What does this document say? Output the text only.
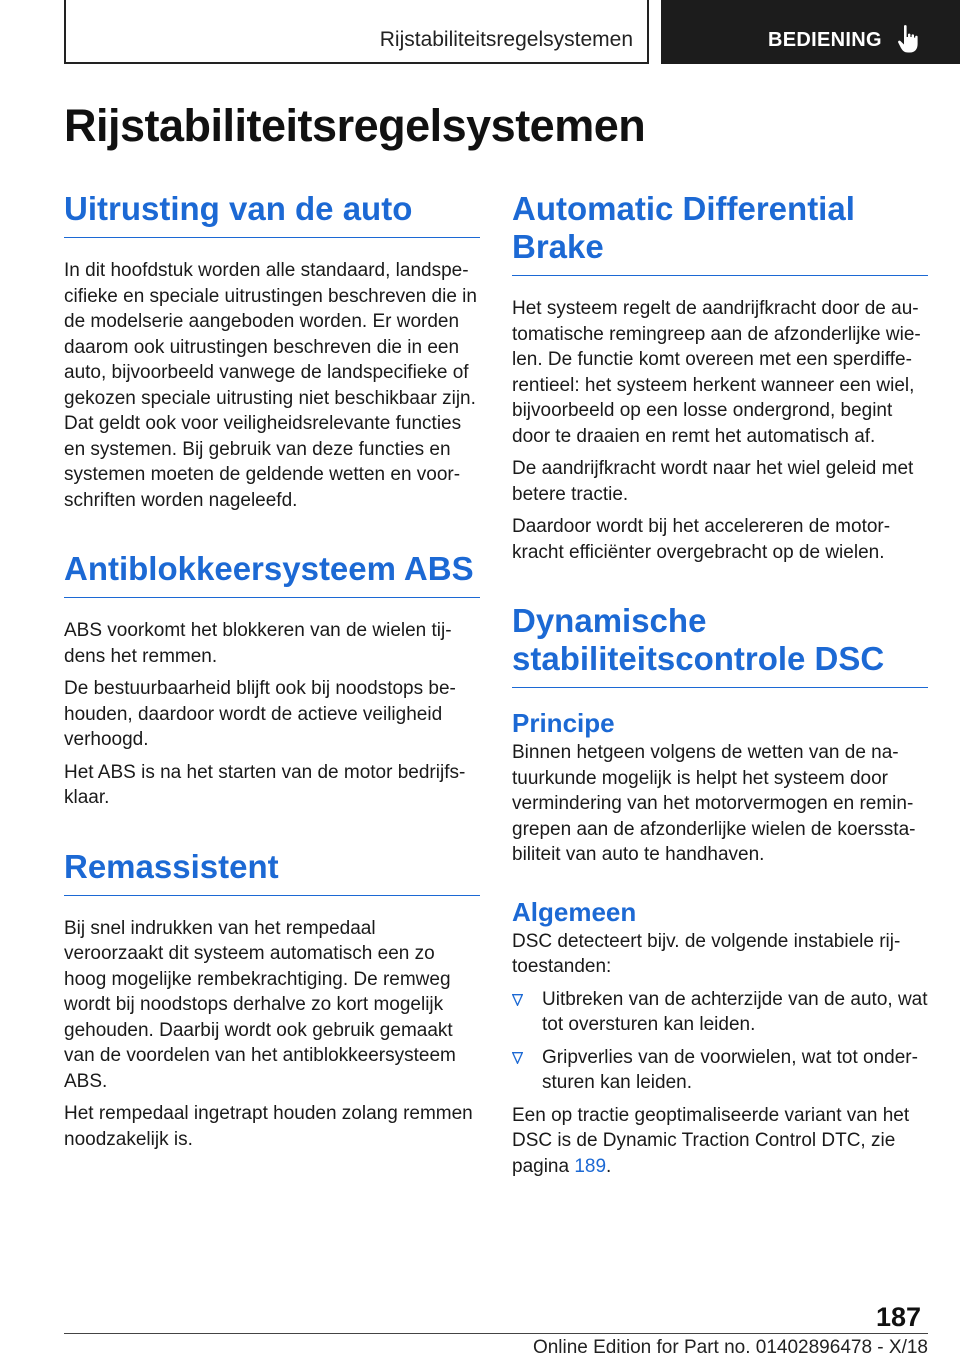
Rijstabiliteitsregelsystemen	BEDIENING
Rijstabiliteitsregelsystemen
Uitrusting van de auto

In dit hoofdstuk worden alle standaard, landspecifieke en speciale uitrustingen beschreven die in de modelserie aangeboden worden. Er worden daarom ook uitrustingen beschreven die in een auto, bijvoorbeeld vanwege de landspecifieke of gekozen speciale uitrusting niet beschikbaar zijn. Dat geldt ook voor veiligheidsrelevante functies en systemen. Bij gebruik van deze functies en systemen moeten de geldende wetten en voorschriften worden nageleefd.

Antiblokkeersysteem ABS

ABS voorkomt het blokkeren van de wielen tijdens het remmen.

De bestuurbaarheid blijft ook bij noodstops behouden, daardoor wordt de actieve veiligheid verhoogd.

Het ABS is na het starten van de motor bedrijfsklaar.

Remassistent

Bij snel indrukken van het rempedaal veroorzaakt dit systeem automatisch een zo hoog mogelijke rembekrachtiging. De remweg wordt bij noodstops derhalve zo kort mogelijk gehouden. Daarbij wordt ook gebruik gemaakt van de voordelen van het antiblokkeersysteem ABS.

Het rempedaal ingetrapt houden zolang remmen noodzakelijk is.

Automatic Differential Brake

Het systeem regelt de aandrijfkracht door de automatische remingreep aan de afzonderlijke wielen. De functie komt overeen met een sperdifferentieel: het systeem herkent wanneer een wiel, bijvoorbeeld op een losse ondergrond, begint door te draaien en remt het automatisch af.

De aandrijfkracht wordt naar het wiel geleid met betere tractie.

Daardoor wordt bij het accelereren de motorkracht efficiënter overgebracht op de wielen.

Dynamische stabiliteitscontrole DSC
Principe

Binnen hetgeen volgens de wetten van de natuurkunde mogelijk is helpt het systeem door vermindering van het motorvermogen en remingrepen aan de afzonderlijke wielen de koersstabiliteit van auto te handhaven.

Algemeen

DSC detecteert bijv. de volgende instabiele rijtoestanden:

Uitbreken van de achterzijde van de auto, wat tot oversturen kan leiden.
Gripverlies van de voorwielen, wat tot ondersturen kan leiden.

Een op tractie geoptimaliseerde variant van het DSC is de Dynamic Traction Control DTC, zie pagina 189.

187
Online Edition for Part no. 01402896478 - X/18
